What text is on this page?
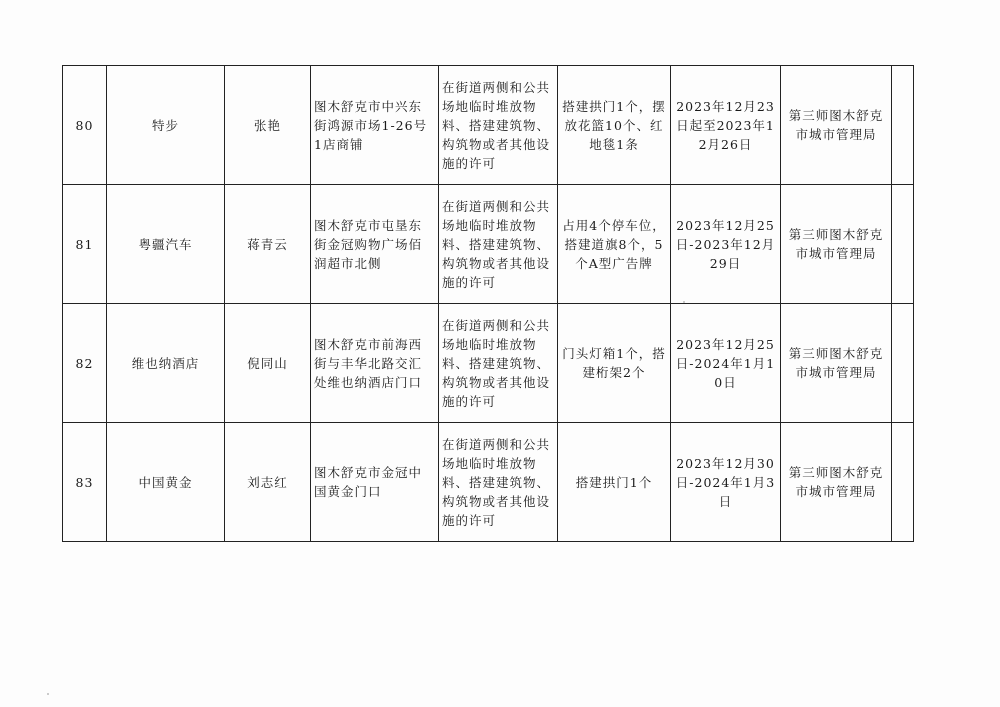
80	特步	张艳	图木舒克市中兴东街鸿源市场1-26号1店商铺	在街道两侧和公共场地临时堆放物料、搭建建筑物、构筑物或者其他设施的许可	搭建拱门1个，摆放花篮10个、红地毯1条	2023年12月23日起至2023年12月26日	第三师图木舒克市城市管理局	
81	粤疆汽车	蒋青云	图木舒克市屯垦东街金冠购物广场佰润超市北侧	在街道两侧和公共场地临时堆放物料、搭建建筑物、构筑物或者其他设施的许可	占用4个停车位，搭建道旗8个，5个A型广告牌	2023年12月25日-2023年12月29日	第三师图木舒克市城市管理局	
82	维也纳酒店	倪同山	图木舒克市前海西街与丰华北路交汇处维也纳酒店门口	在街道两侧和公共场地临时堆放物料、搭建建筑物、构筑物或者其他设施的许可	门头灯箱1个，搭建桁架2个	2023年12月25日-2024年1月10日	第三师图木舒克市城市管理局	
83	中国黄金	刘志红	图木舒克市金冠中国黄金门口	在街道两侧和公共场地临时堆放物料、搭建建筑物、构筑物或者其他设施的许可	搭建拱门1个	2023年12月30日-2024年1月3日	第三师图木舒克市城市管理局	
